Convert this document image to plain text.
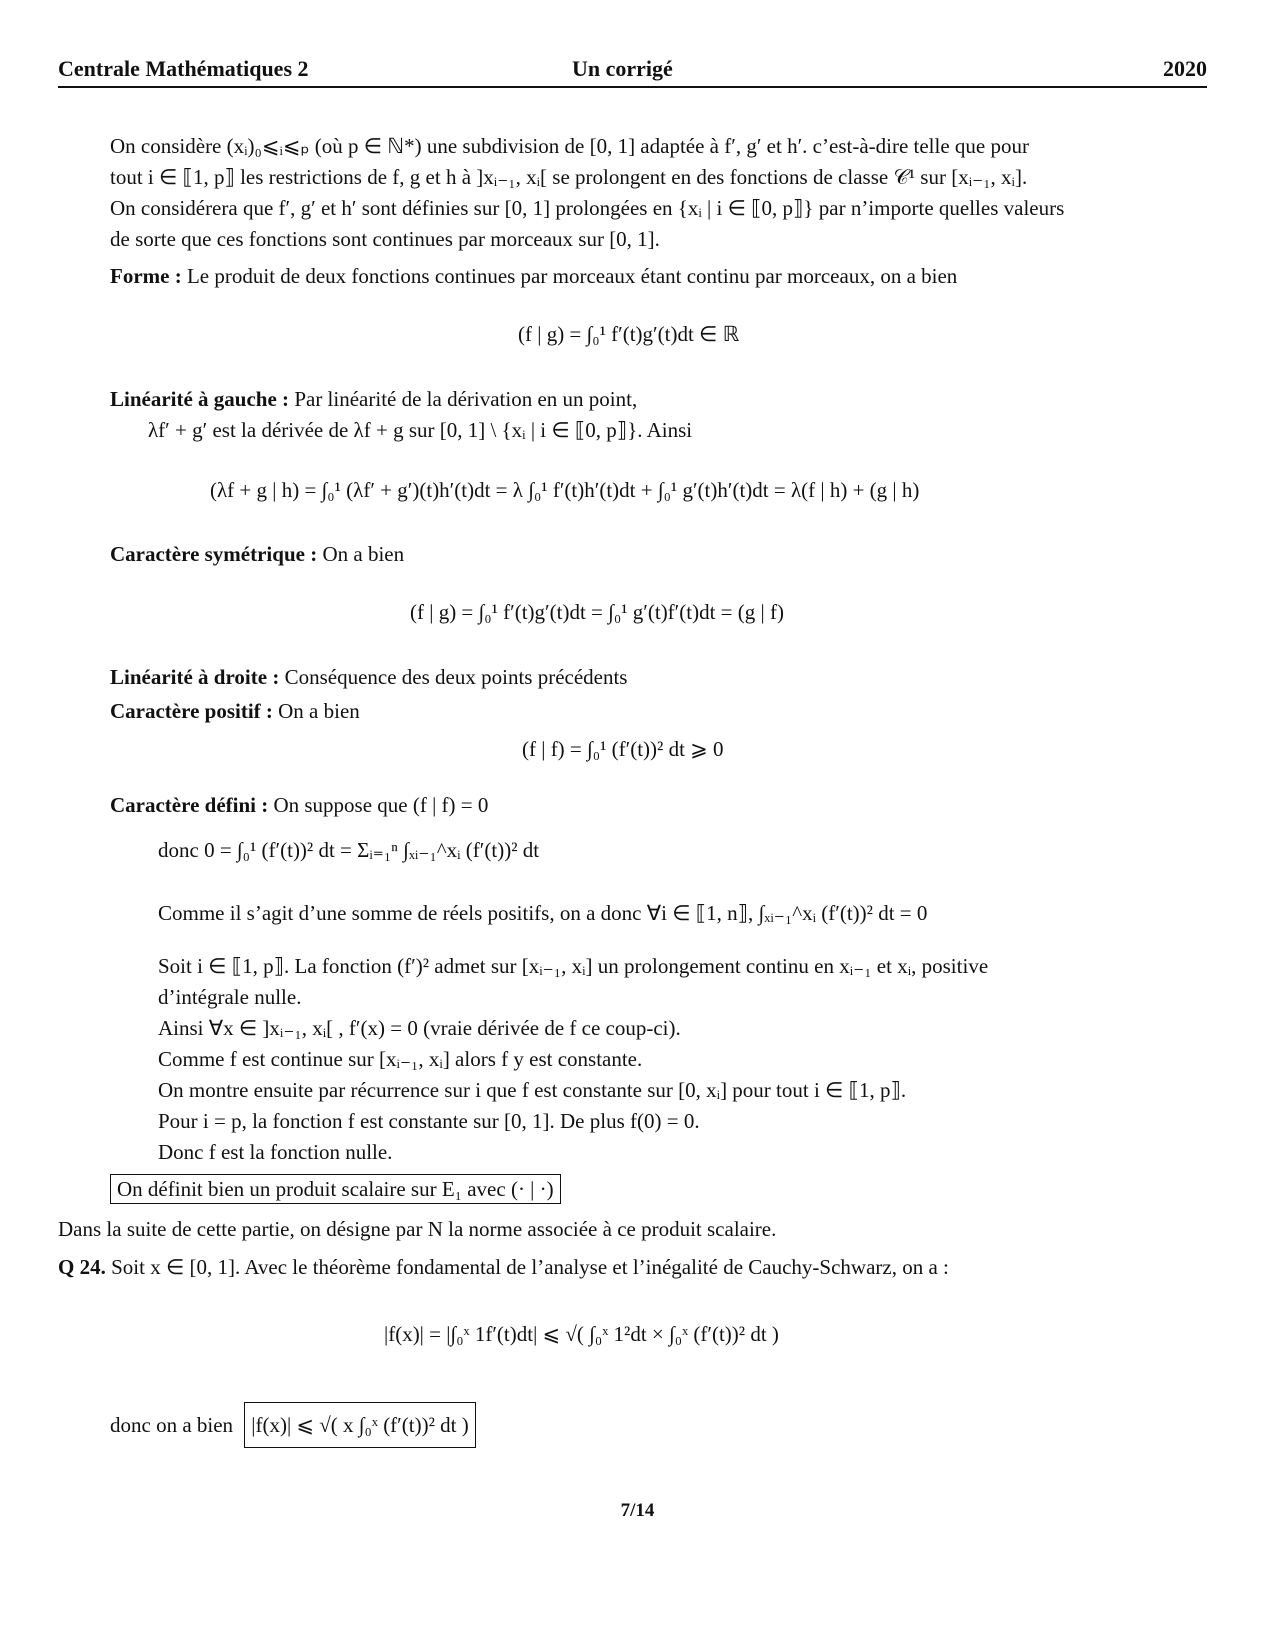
Centrale Mathématiques 2	Un corrigé	2020
On considère (xᵢ)₀⩽ᵢ⩽ₚ (où p ∈ ℕ*) une subdivision de [0, 1] adaptée à f′, g′ et h′. c’est-à-dire telle que pour
tout i ∈ ⟦1, p⟧ les restrictions de f, g et h à ]xᵢ₋₁, xᵢ[ se prolongent en des fonctions de classe 𝒞¹ sur [xᵢ₋₁, xᵢ].
On considérera que f′, g′ et h′ sont définies sur [0, 1] prolongées en {xᵢ | i ∈ ⟦0, p⟧} par n’importe quelles valeurs
de sorte que ces fonctions sont continues par morceaux sur [0, 1].
Forme : Le produit de deux fonctions continues par morceaux étant continu par morceaux, on a bien
(f | g) = ∫₀¹ f′(t)g′(t)dt ∈ ℝ
Linéarité à gauche : Par linéarité de la dérivation en un point,
λf′ + g′ est la dérivée de λf + g sur [0, 1] \ {xᵢ | i ∈ ⟦0, p⟧}. Ainsi
(λf + g | h) = ∫₀¹ (λf′ + g′)(t)h′(t)dt = λ ∫₀¹ f′(t)h′(t)dt + ∫₀¹ g′(t)h′(t)dt = λ(f | h) + (g | h)
Caractère symétrique : On a bien
(f | g) = ∫₀¹ f′(t)g′(t)dt = ∫₀¹ g′(t)f′(t)dt = (g | f)
Linéarité à droite : Conséquence des deux points précédents
Caractère positif : On a bien
(f | f) = ∫₀¹ (f′(t))² dt ⩾ 0
Caractère défini : On suppose que (f | f) = 0
donc 0 = ∫₀¹ (f′(t))² dt = Σᵢ₌₁ⁿ ∫ₓᵢ₋₁^xᵢ (f′(t))² dt
Comme il s’agit d’une somme de réels positifs, on a donc ∀i ∈ ⟦1, n⟧, ∫ₓᵢ₋₁^xᵢ (f′(t))² dt = 0
Soit i ∈ ⟦1, p⟧. La fonction (f′)² admet sur [xᵢ₋₁, xᵢ] un prolongement continu en xᵢ₋₁ et xᵢ, positive
d’intégrale nulle.
Ainsi ∀x ∈ ]xᵢ₋₁, xᵢ[ , f′(x) = 0 (vraie dérivée de f ce coup-ci).
Comme f est continue sur [xᵢ₋₁, xᵢ] alors f y est constante.
On montre ensuite par récurrence sur i que f est constante sur [0, xᵢ] pour tout i ∈ ⟦1, p⟧.
Pour i = p, la fonction f est constante sur [0, 1]. De plus f(0) = 0.
Donc f est la fonction nulle.
On définit bien un produit scalaire sur E₁ avec (· | ·)
Dans la suite de cette partie, on désigne par N la norme associée à ce produit scalaire.
Q 24. Soit x ∈ [0, 1]. Avec le théorème fondamental de l’analyse et l’inégalité de Cauchy-Schwarz, on a :
|f(x)| = |∫₀ˣ 1f′(t)dt| ⩽ √( ∫₀ˣ 1²dt × ∫₀ˣ (f′(t))² dt )
donc on a bien |f(x)| ⩽ √( x ∫₀ˣ (f′(t))² dt )
7/14
